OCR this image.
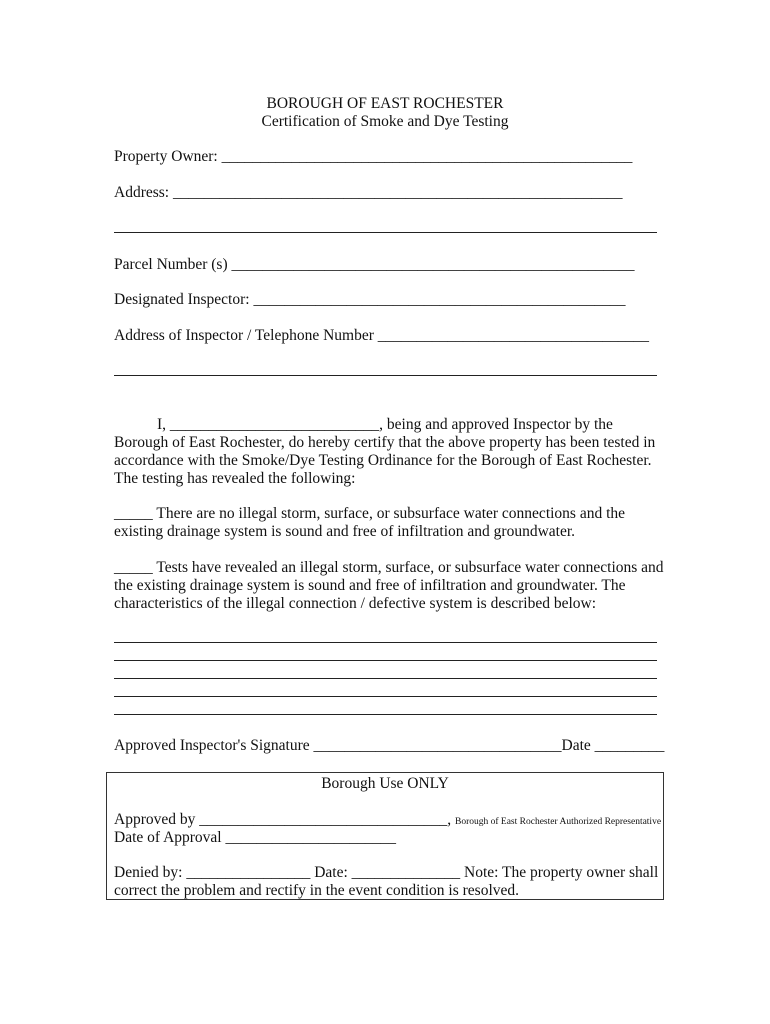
BOROUGH OF EAST ROCHESTER
Certification of Smoke and Dye Testing
Property Owner: _____________________________________________________
Address: __________________________________________________________
Parcel Number (s) ____________________________________________________
Designated Inspector: ________________________________________________
Address of Inspector / Telephone Number ___________________________________
I, ___________________________, being and approved Inspector by the
Borough of East Rochester, do hereby certify that the above property has been tested in
accordance with the Smoke/Dye Testing Ordinance for the Borough of East Rochester.
The testing has revealed the following:
_____ There are no illegal storm, surface, or subsurface water connections and the
existing drainage system is sound and free of infiltration and groundwater.
_____ Tests have revealed an illegal storm, surface, or subsurface water connections and
the existing drainage system is sound and free of infiltration and groundwater. The
characteristics of the illegal connection / defective system is described below:
Approved Inspector's Signature ________________________________Date _________
Borough Use ONLY
Approved by ________________________________, Borough of East Rochester Authorized Representative
Date of Approval ______________________
Denied by: ________________ Date: ______________ Note: The property owner shall
correct the problem and rectify in the event condition is resolved.
